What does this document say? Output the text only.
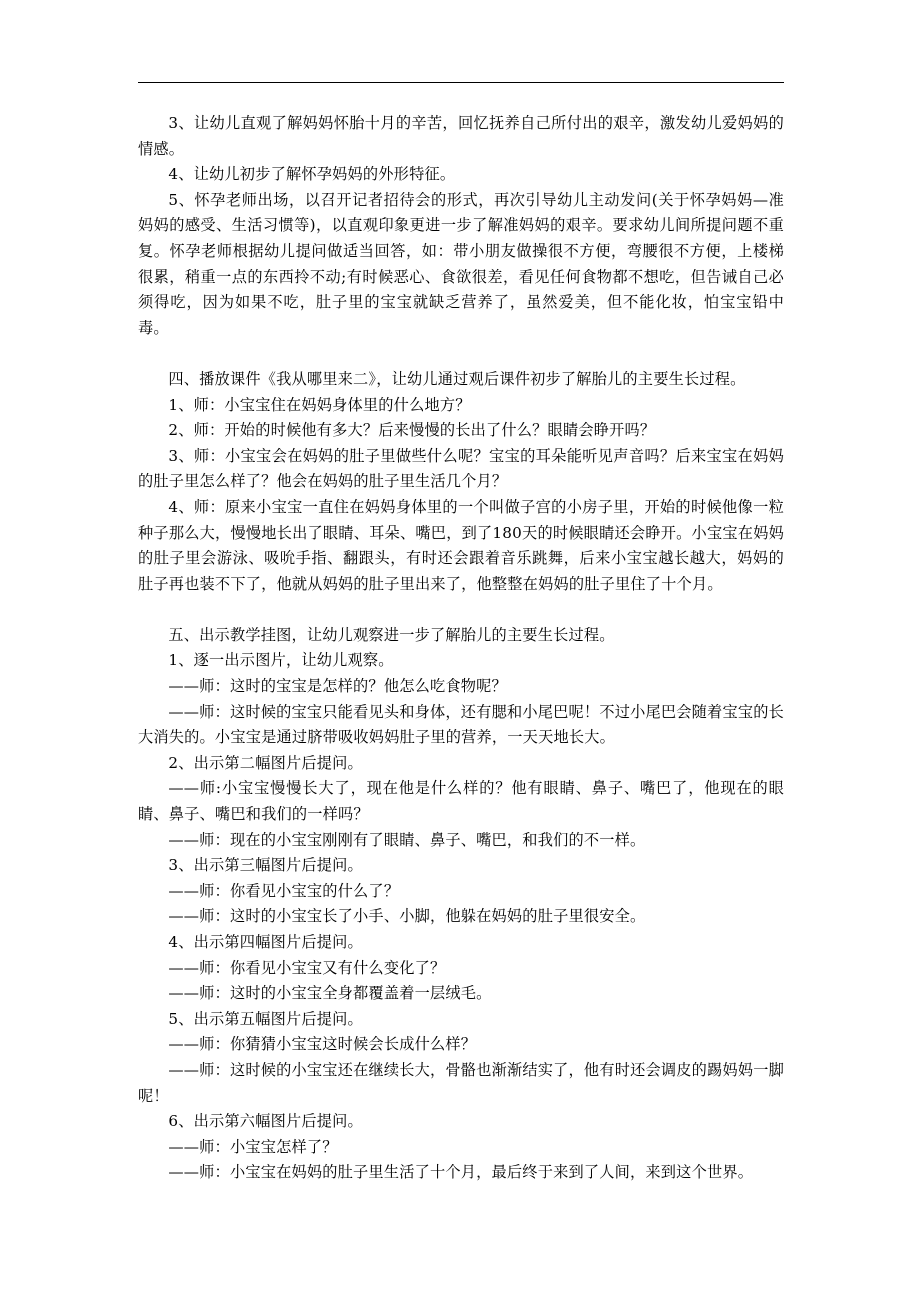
3、让幼儿直观了解妈妈怀胎十月的辛苦，回忆抚养自己所付出的艰辛，激发幼儿爱妈妈的情感。

4、让幼儿初步了解怀孕妈妈的外形特征。

5、怀孕老师出场，以召开记者招待会的形式，再次引导幼儿主动发问(关于怀孕妈妈—准妈妈的感受、生活习惯等)，以直观印象更进一步了解准妈妈的艰辛。要求幼儿间所提问题不重复。怀孕老师根据幼儿提问做适当回答，如：带小朋友做操很不方便，弯腰很不方便，上楼梯很累，稍重一点的东西拎不动;有时候恶心、食欲很差，看见任何食物都不想吃，但告诫自己必须得吃，因为如果不吃，肚子里的宝宝就缺乏营养了，虽然爱美，但不能化妆，怕宝宝铅中毒。

四、播放课件《我从哪里来二》，让幼儿通过观后课件初步了解胎儿的主要生长过程。

1、师：小宝宝住在妈妈身体里的什么地方？

2、师：开始的时候他有多大？后来慢慢的长出了什么？眼睛会睁开吗？

3、师：小宝宝会在妈妈的肚子里做些什么呢？宝宝的耳朵能听见声音吗？后来宝宝在妈妈的肚子里怎么样了？他会在妈妈的肚子里生活几个月？

4、师：原来小宝宝一直住在妈妈身体里的一个叫做子宫的小房子里，开始的时候他像一粒种子那么大，慢慢地长出了眼睛、耳朵、嘴巴，到了180天的时候眼睛还会睁开。小宝宝在妈妈的肚子里会游泳、吸吮手指、翻跟头，有时还会跟着音乐跳舞，后来小宝宝越长越大，妈妈的肚子再也装不下了，他就从妈妈的肚子里出来了，他整整在妈妈的肚子里住了十个月。

五、出示教学挂图，让幼儿观察进一步了解胎儿的主要生长过程。

1、逐一出示图片，让幼儿观察。

——师：这时的宝宝是怎样的？他怎么吃食物呢？

——师：这时候的宝宝只能看见头和身体，还有腮和小尾巴呢！不过小尾巴会随着宝宝的长大消失的。小宝宝是通过脐带吸收妈妈肚子里的营养，一天天地长大。

2、出示第二幅图片后提问。

——师:小宝宝慢慢长大了，现在他是什么样的？他有眼睛、鼻子、嘴巴了，他现在的眼睛、鼻子、嘴巴和我们的一样吗？

——师：现在的小宝宝刚刚有了眼睛、鼻子、嘴巴，和我们的不一样。

3、出示第三幅图片后提问。

——师：你看见小宝宝的什么了？

——师：这时的小宝宝长了小手、小脚，他躲在妈妈的肚子里很安全。

4、出示第四幅图片后提问。

——师：你看见小宝宝又有什么变化了？

——师：这时的小宝宝全身都覆盖着一层绒毛。

5、出示第五幅图片后提问。

——师：你猜猜小宝宝这时候会长成什么样？

——师：这时候的小宝宝还在继续长大，骨骼也渐渐结实了，他有时还会调皮的踢妈妈一脚呢！

6、出示第六幅图片后提问。

——师：小宝宝怎样了？

——师：小宝宝在妈妈的肚子里生活了十个月，最后终于来到了人间，来到这个世界。
